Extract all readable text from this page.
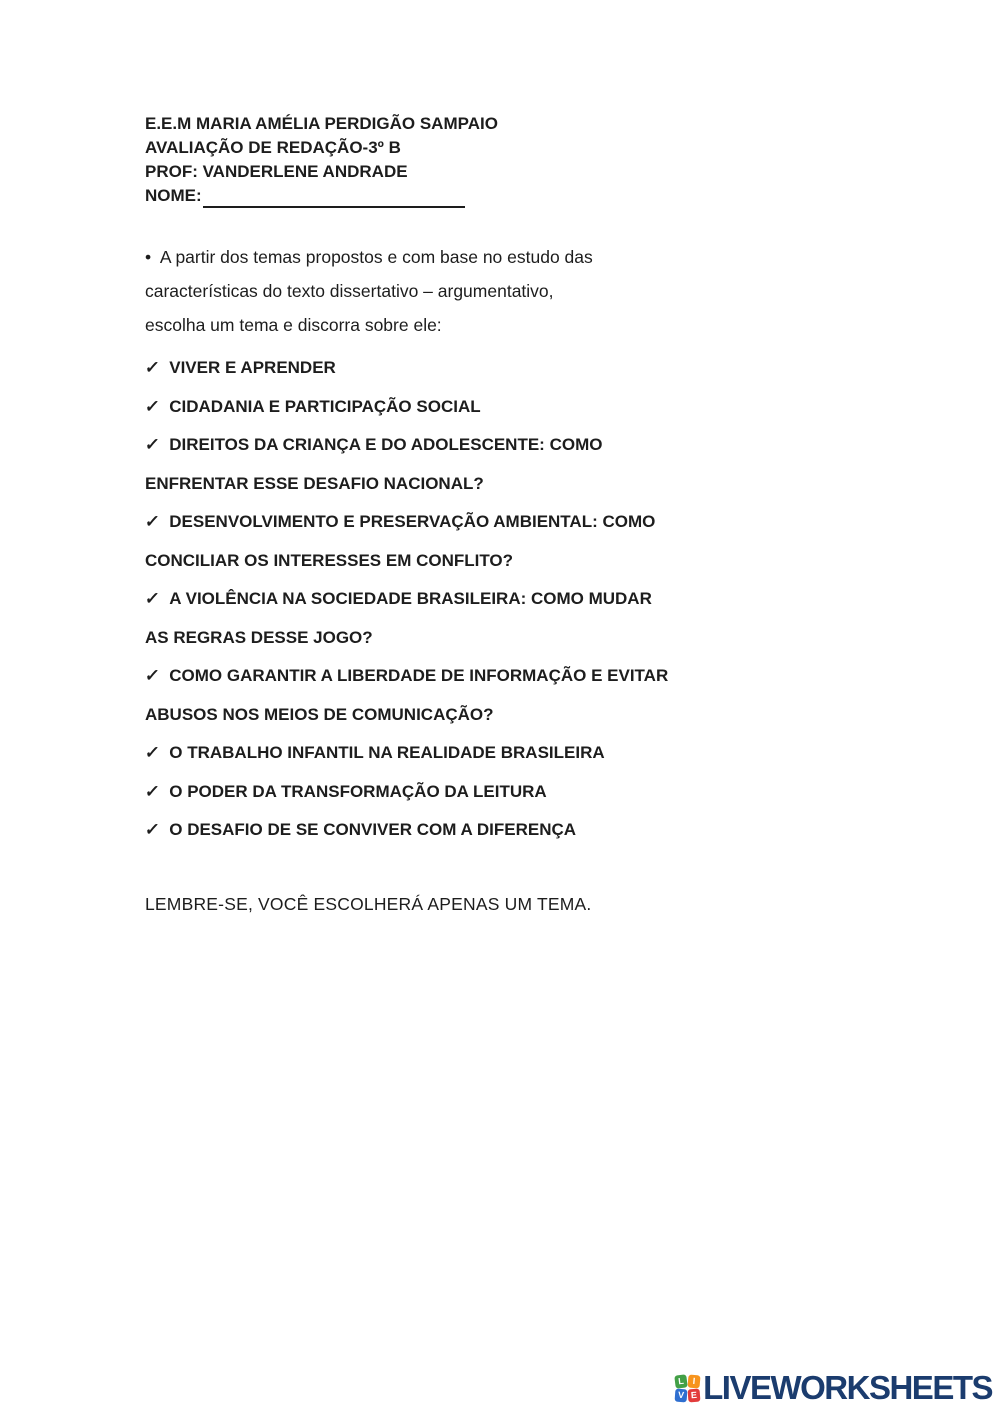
E.E.M MARIA AMÉLIA PERDIGÃO SAMPAIO
AVALIAÇÃO DE REDAÇÃO-3º B
PROF: VANDERLENE ANDRADE
NOME:
•  A partir dos temas propostos e com base no estudo das
características do texto dissertativo – argumentativo,
escolha um tema e discorra sobre ele:
✓ VIVER E APRENDER
✓ CIDADANIA E PARTICIPAÇÃO SOCIAL
✓ DIREITOS DA CRIANÇA E DO ADOLESCENTE: COMO
ENFRENTAR ESSE DESAFIO NACIONAL?
✓ DESENVOLVIMENTO E PRESERVAÇÃO AMBIENTAL: COMO
CONCILIAR OS INTERESSES EM CONFLITO?
✓ A VIOLÊNCIA NA SOCIEDADE BRASILEIRA: COMO MUDAR
AS REGRAS DESSE JOGO?
✓ COMO GARANTIR A LIBERDADE DE INFORMAÇÃO E EVITAR
ABUSOS NOS MEIOS DE COMUNICAÇÃO?
✓ O TRABALHO INFANTIL NA REALIDADE BRASILEIRA
✓ O PODER DA TRANSFORMAÇÃO DA LEITURA
✓ O DESAFIO DE SE CONVIVER COM A DIFERENÇA
LEMBRE-SE, VOCÊ ESCOLHERÁ APENAS UM TEMA.
L I
V E LIVEWORKSHEETS
